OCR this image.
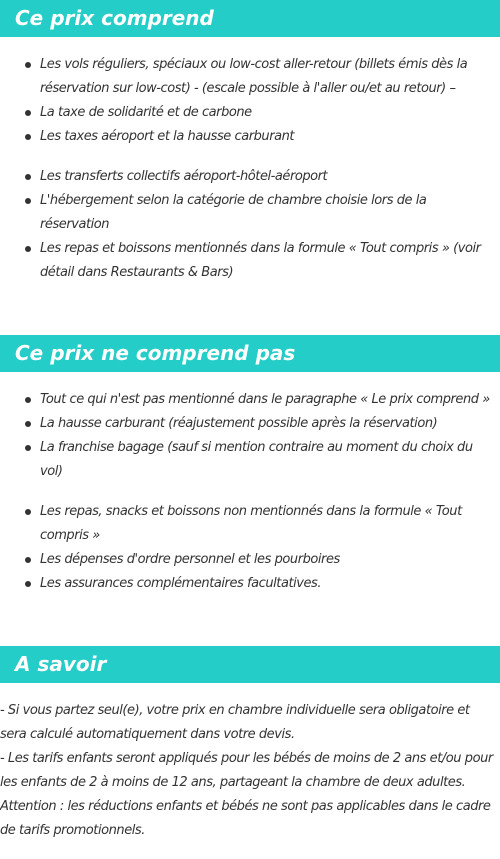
Ce prix comprend
Les vols réguliers, spéciaux ou low-cost aller-retour (billets émis dès la réservation sur low-cost) - (escale possible à l'aller ou/et au retour) –
La taxe de solidarité et de carbone
Les taxes aéroport et la hausse carburant
Les transferts collectifs aéroport-hôtel-aéroport
L'hébergement selon la catégorie de chambre choisie lors de la réservation
Les repas et boissons mentionnés dans la formule « Tout compris » (voir détail dans Restaurants & Bars)
Ce prix ne comprend pas
Tout ce qui n'est pas mentionné dans le paragraphe « Le prix comprend »
La hausse carburant (réajustement possible après la réservation)
La franchise bagage (sauf si mention contraire au moment du choix du vol)
Les repas, snacks et boissons non mentionnés dans la formule « Tout compris »
Les dépenses d'ordre personnel et les pourboires
Les assurances complémentaires facultatives.
A savoir

- Si vous partez seul(e), votre prix en chambre individuelle sera obligatoire et sera calculé automatiquement dans votre devis.

- Les tarifs enfants seront appliqués pour les bébés de moins de 2 ans et/ou pour les enfants de 2 à moins de 12 ans, partageant la chambre de deux adultes.

Attention : les réductions enfants et bébés ne sont pas applicables dans le cadre de tarifs promotionnels.
